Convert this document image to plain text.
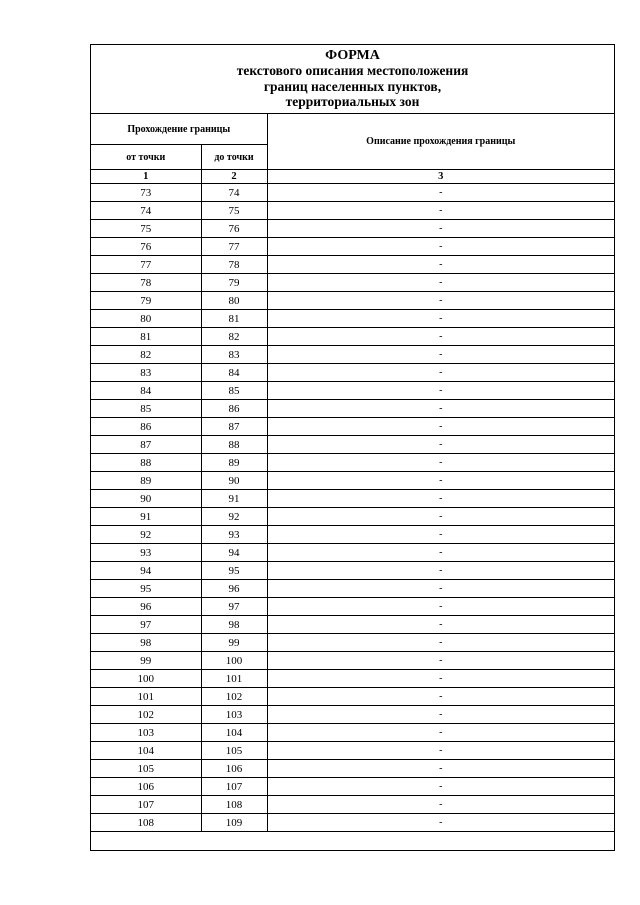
ФОРМА
текстового описания местоположения
границ населенных пунктов,
территориальных зон
Прохождение границы		Описание прохождения границы
от точки	до точки	
1	2	3
73	74	-
74	75	-
75	76	-
76	77	-
77	78	-
78	79	-
79	80	-
80	81	-
81	82	-
82	83	-
83	84	-
84	85	-
85	86	-
86	87	-
87	88	-
88	89	-
89	90	-
90	91	-
91	92	-
92	93	-
93	94	-
94	95	-
95	96	-
96	97	-
97	98	-
98	99	-
99	100	-
100	101	-
101	102	-
102	103	-
103	104	-
104	105	-
105	106	-
106	107	-
107	108	-
108	109	-
